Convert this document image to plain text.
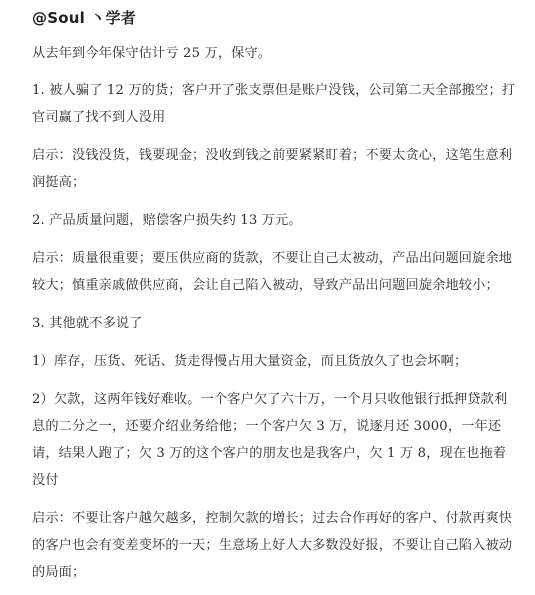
@Soul 丶学者

从去年到今年保守估计亏 25 万，保守。

1. 被人骗了 12 万的货；客户开了张支票但是账户没钱，公司第二天全部搬空；打官司赢了找不到人没用

启示：没钱没货，钱要现金；没收到钱之前要紧紧盯着；不要太贪心，这笔生意利润挺高；

2. 产品质量问题，赔偿客户损失约 13 万元。

启示：质量很重要；要压供应商的货款，不要让自己太被动，产品出问题回旋余地较大；慎重亲戚做供应商，会让自己陷入被动，导致产品出问题回旋余地较小；

3. 其他就不多说了

1）库存，压货、死话、货走得慢占用大量资金，而且货放久了也会坏啊；

2）欠款，这两年钱好难收。一个客户欠了六十万，一个月只收他银行抵押贷款利息的二分之一，还要介绍业务给他；一个客户欠 3 万，说逐月还 3000，一年还请，结果人跑了；欠 3 万的这个客户的朋友也是我客户，欠 1 万 8，现在也拖着没付

启示：不要让客户越欠越多，控制欠款的增长；过去合作再好的客户、付款再爽快的客户也会有变差变坏的一天；生意场上好人大多数没好报，不要让自己陷入被动的局面；
